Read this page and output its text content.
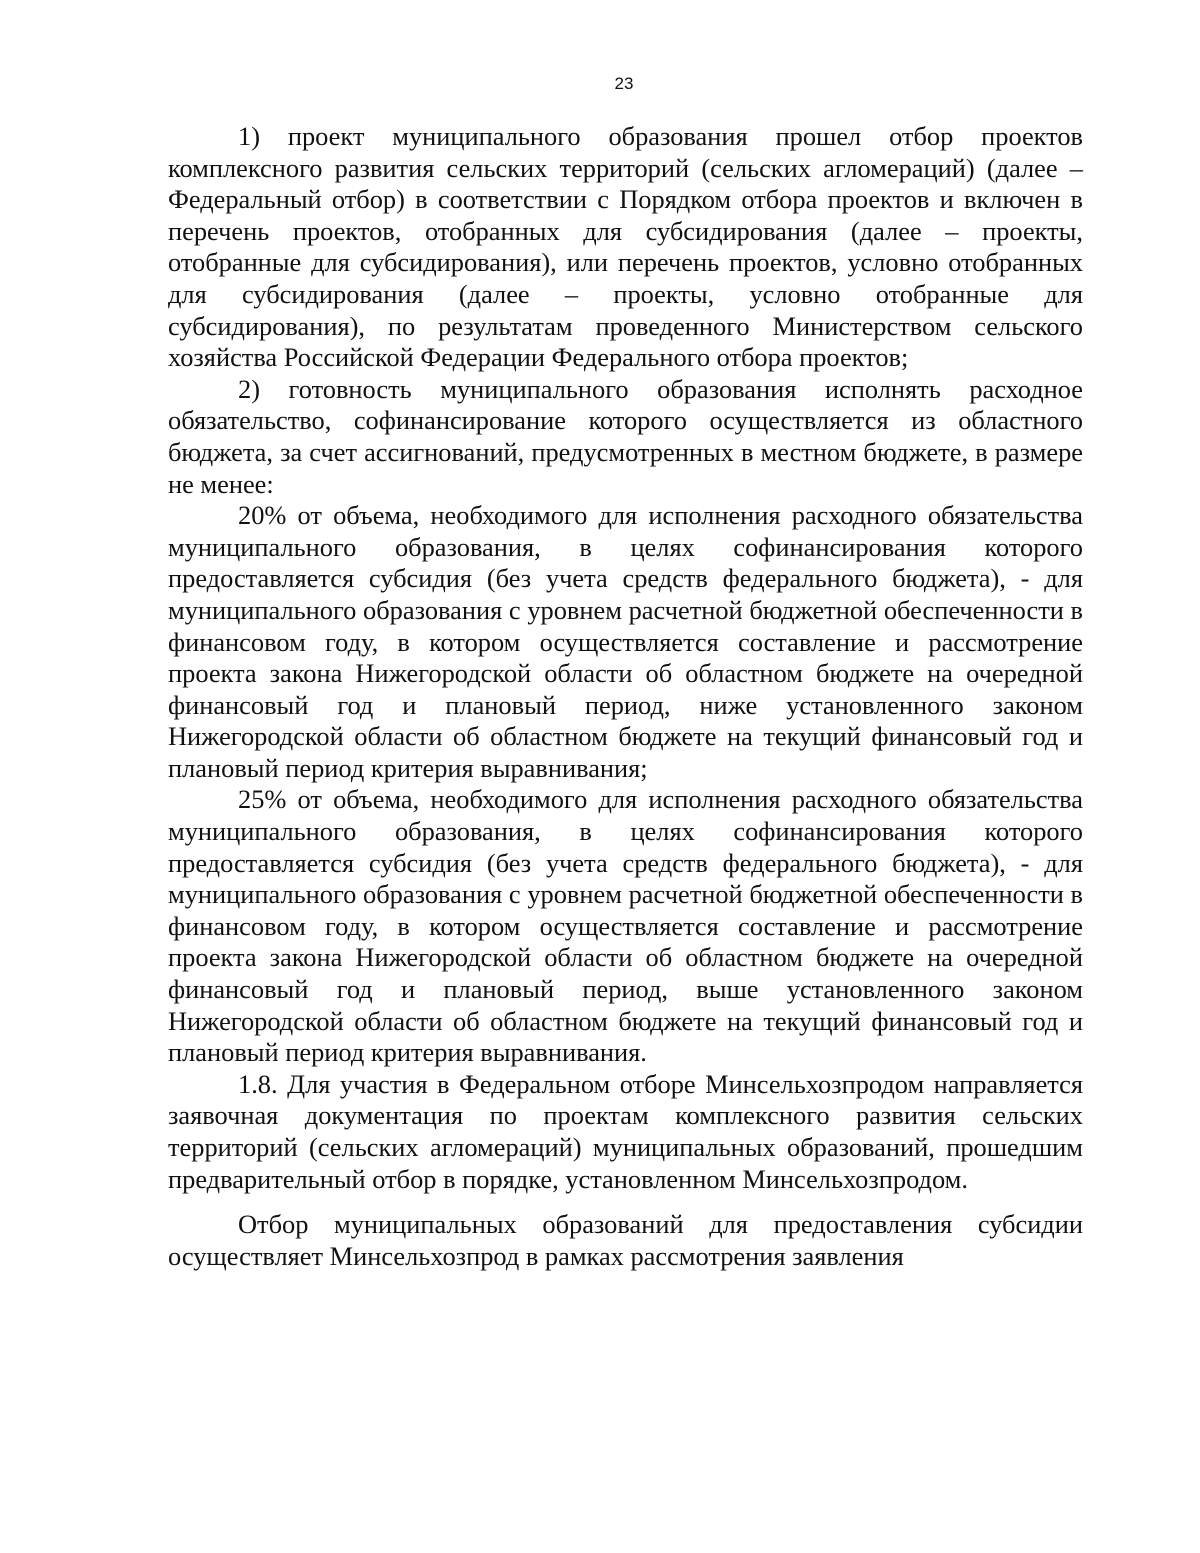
23

1) проект муниципального образования прошел отбор проектов комплексного развития сельских территорий (сельских агломераций) (далее – Федеральный отбор) в соответствии с Порядком отбора проектов и включен в перечень проектов, отобранных для субсидирования (далее – проекты, отобранные для субсидирования), или перечень проектов, условно отобранных для субсидирования (далее – проекты, условно отобранные для субсидирования), по результатам проведенного Министерством сельского хозяйства Российской Федерации Федерального отбора проектов;

2) готовность муниципального образования исполнять расходное обязательство, софинансирование которого осуществляется из областного бюджета, за счет ассигнований, предусмотренных в местном бюджете, в размере не менее:

20% от объема, необходимого для исполнения расходного обязательства муниципального образования, в целях софинансирования которого предоставляется субсидия (без учета средств федерального бюджета), - для муниципального образования с уровнем расчетной бюджетной обеспеченности в финансовом году, в котором осуществляется составление и рассмотрение проекта закона Нижегородской области об областном бюджете на очередной финансовый год и плановый период, ниже установленного законом Нижегородской области об областном бюджете на текущий финансовый год и плановый период критерия выравнивания;

25% от объема, необходимого для исполнения расходного обязательства муниципального образования, в целях софинансирования которого предоставляется субсидия (без учета средств федерального бюджета), - для муниципального образования с уровнем расчетной бюджетной обеспеченности в финансовом году, в котором осуществляется составление и рассмотрение проекта закона Нижегородской области об областном бюджете на очередной финансовый год и плановый период, выше установленного законом Нижегородской области об областном бюджете на текущий финансовый год и плановый период критерия выравнивания.

1.8. Для участия в Федеральном отборе Минсельхозпродом направляется заявочная документация по проектам комплексного развития сельских территорий (сельских агломераций) муниципальных образований, прошедшим предварительный отбор в порядке, установленном Минсельхозпродом.

Отбор муниципальных образований для предоставления субсидии осуществляет Минсельхозпрод в рамках рассмотрения заявления
